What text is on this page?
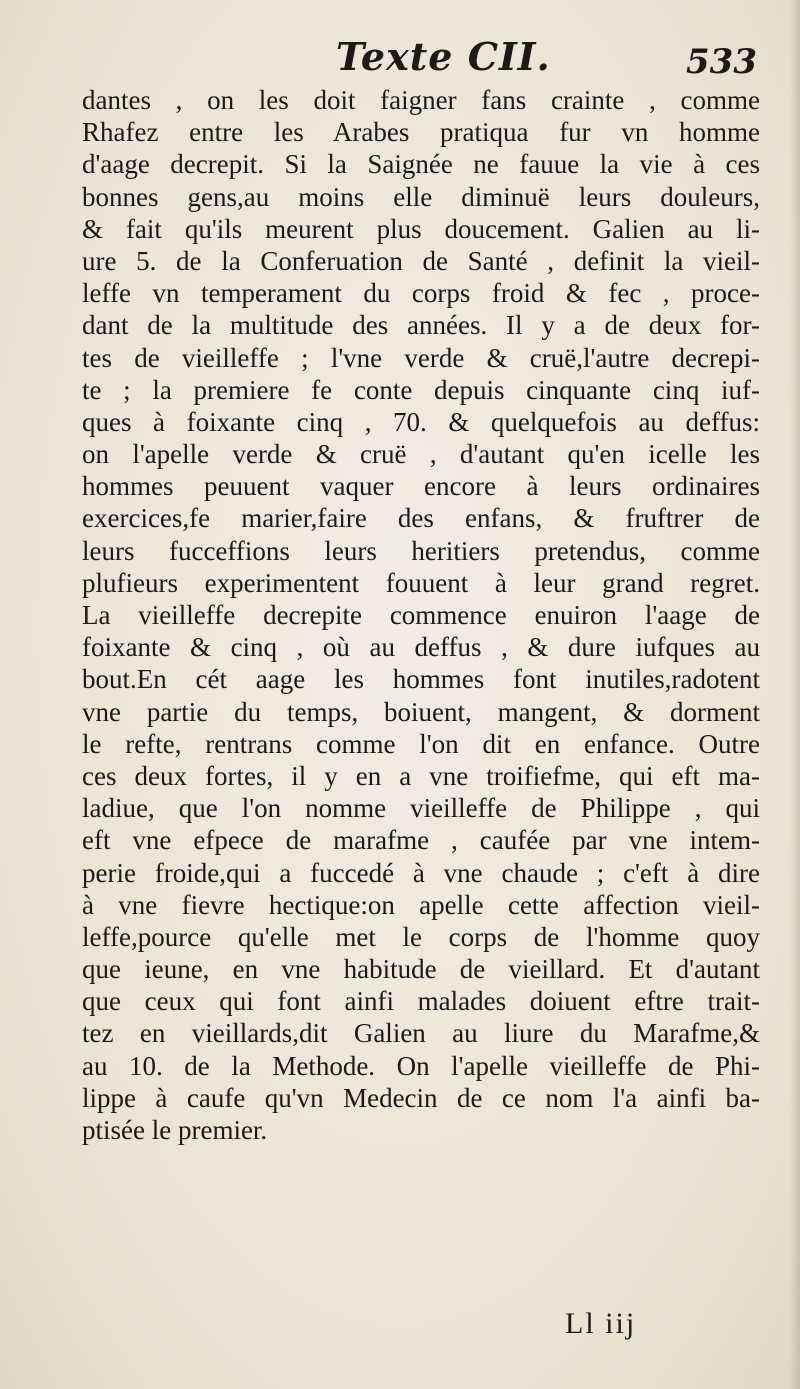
Texte CII.	533
dantes , on les doit faigner fans crainte , comme
Rhafez entre les Arabes pratiqua fur vn homme
d'aage decrepit. Si la Saignée ne fauue la vie à ces
bonnes gens,au moins elle diminuë leurs douleurs,
& fait qu'ils meurent plus doucement. Galien au li-
ure 5. de la Conferuation de Santé , definit la vieil-
leffe vn temperament du corps froid & fec , proce-
dant de la multitude des années. Il y a de deux for-
tes de vieilleffe ; l'vne verde & cruë,l'autre decrepi-
te ; la premiere fe conte depuis cinquante cinq iuf-
ques à foixante cinq , 70. & quelquefois au deffus:
on l'apelle verde & cruë , d'autant qu'en icelle les
hommes peuuent vaquer encore à leurs ordinaires
exercices,fe marier,faire des enfans, & fruftrer de
leurs fucceffions leurs heritiers pretendus, comme
plufieurs experimentent fouuent à leur grand regret.
La vieilleffe decrepite commence enuiron l'aage de
foixante & cinq , où au deffus , & dure iufques au
bout.En cét aage les hommes font inutiles,radotent
vne partie du temps, boiuent, mangent, & dorment
le refte, rentrans comme l'on dit en enfance. Outre
ces deux fortes, il y en a vne troifiefme, qui eft ma-
ladiue, que l'on nomme vieilleffe de Philippe , qui
eft vne efpece de marafme , caufée par vne intem-
perie froide,qui a fuccedé à vne chaude ; c'eft à dire
à vne fievre hectique:on apelle cette affection vieil-
leffe,pource qu'elle met le corps de l'homme quoy
que ieune, en vne habitude de vieillard. Et d'autant
que ceux qui font ainfi malades doiuent eftre trait-
tez en vieillards,dit Galien au liure du Marafme,&
au 10. de la Methode. On l'apelle vieilleffe de Phi-
lippe à caufe qu'vn Medecin de ce nom l'a ainfi ba-
ptisée le premier.
Ll iij
